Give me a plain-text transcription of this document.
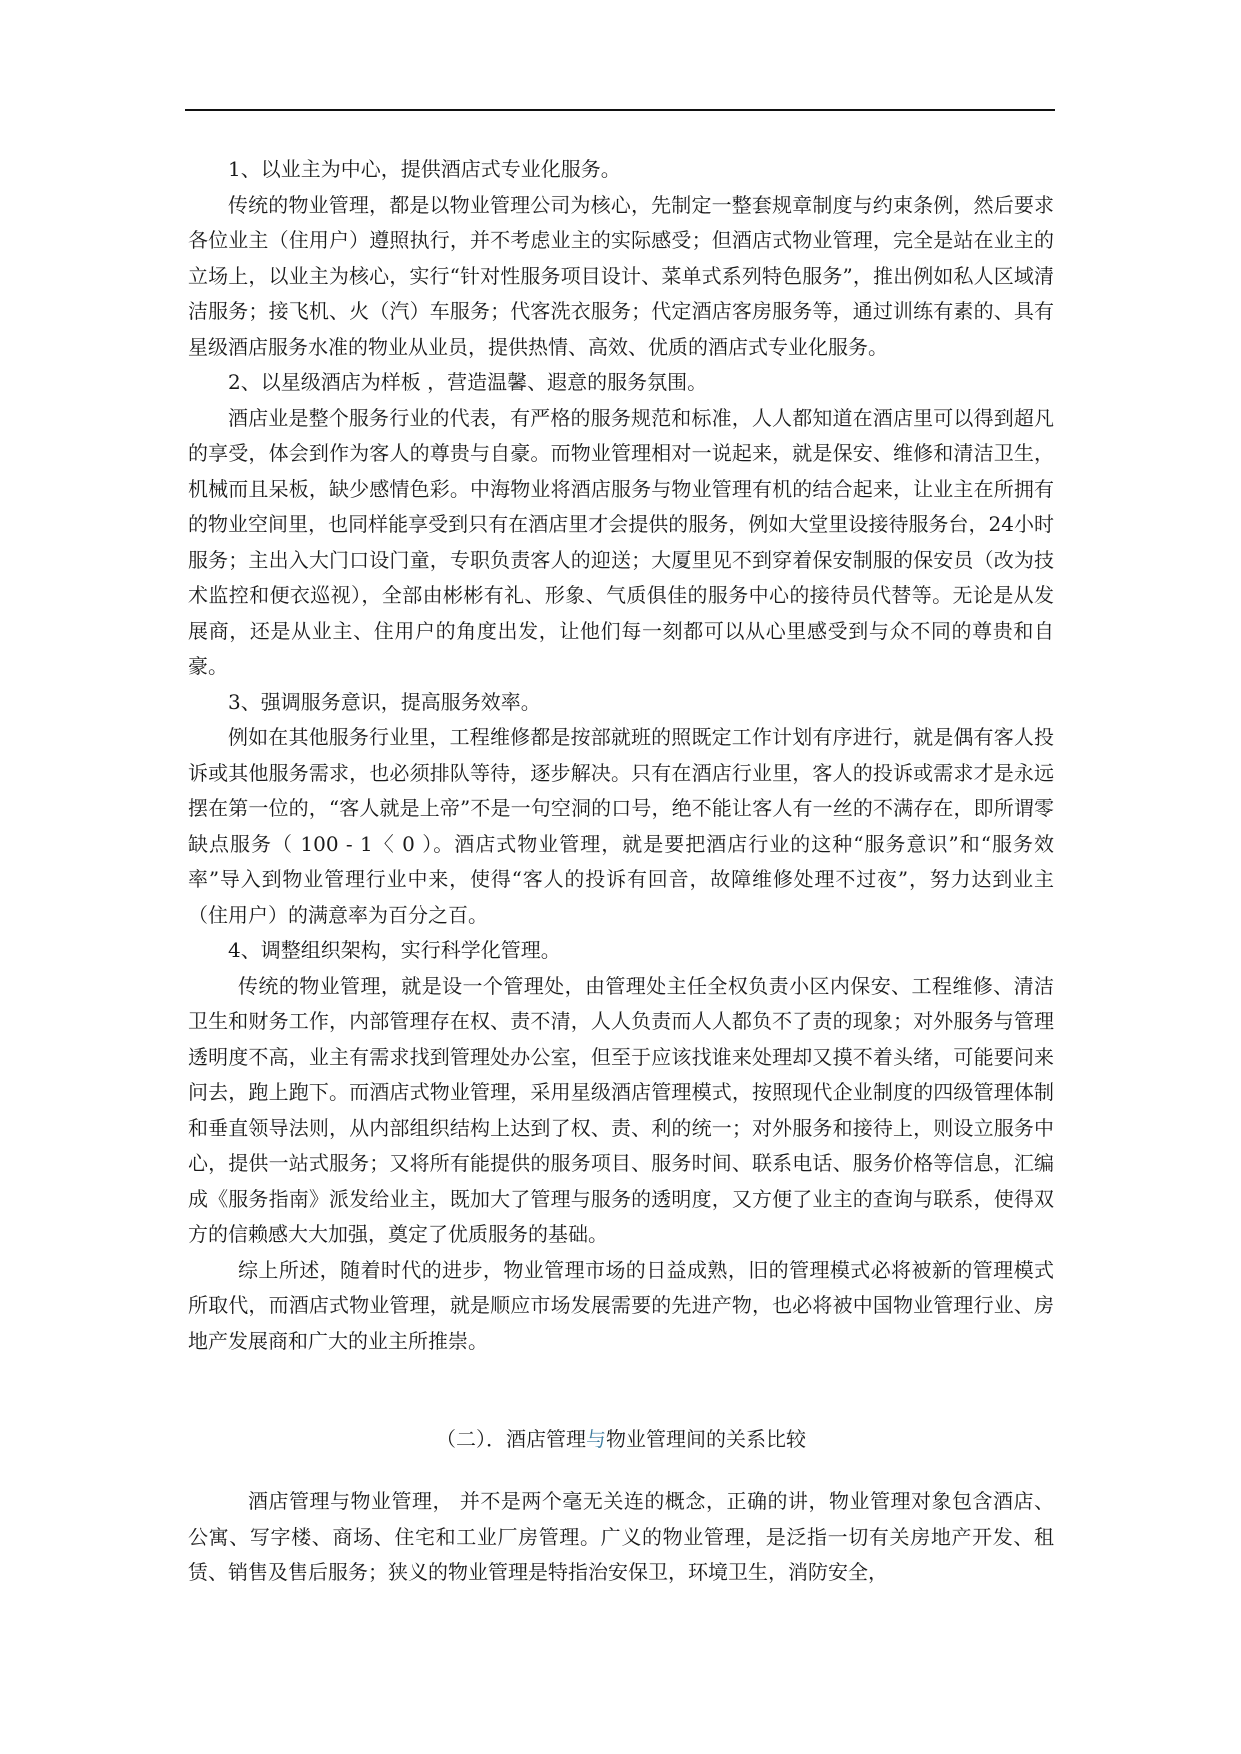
1、以业主为中心，提供酒店式专业化服务。

传统的物业管理，都是以物业管理公司为核心，先制定一整套规章制度与约束条例，然后要求各位业主（住用户）遵照执行，并不考虑业主的实际感受；但酒店式物业管理，完全是站在业主的立场上，以业主为核心，实行“针对性服务项目设计、菜单式系列特色服务”，推出例如私人区域清洁服务；接飞机、火（汽）车服务；代客洗衣服务；代定酒店客房服务等，通过训练有素的、具有星级酒店服务水准的物业从业员，提供热情、高效、优质的酒店式专业化服务。

2、以星级酒店为样板 ，营造温馨、遐意的服务氛围。

酒店业是整个服务行业的代表，有严格的服务规范和标准，人人都知道在酒店里可以得到超凡的享受，体会到作为客人的尊贵与自豪。而物业管理相对一说起来，就是保安、维修和清洁卫生，机械而且呆板，缺少感情色彩。中海物业将酒店服务与物业管理有机的结合起来，让业主在所拥有的物业空间里，也同样能享受到只有在酒店里才会提供的服务，例如大堂里设接待服务台，24小时服务；主出入大门口设门童，专职负责客人的迎送；大厦里见不到穿着保安制服的保安员（改为技术监控和便衣巡视），全部由彬彬有礼、形象、气质俱佳的服务中心的接待员代替等。无论是从发展商，还是从业主、住用户的角度出发，让他们每一刻都可以从心里感受到与众不同的尊贵和自豪。

3、强调服务意识，提高服务效率。

例如在其他服务行业里，工程维修都是按部就班的照既定工作计划有序进行，就是偶有客人投诉或其他服务需求，也必须排队等待，逐步解决。只有在酒店行业里，客人的投诉或需求才是永远摆在第一位的，“客人就是上帝”不是一句空洞的口号，绝不能让客人有一丝的不满存在，即所谓零缺点服务（ 100 - 1〈 0 ）。酒店式物业管理，就是要把酒店行业的这种“服务意识”和“服务效率”导入到物业管理行业中来，使得“客人的投诉有回音，故障维修处理不过夜”，努力达到业主（住用户）的满意率为百分之百。

4、调整组织架构，实行科学化管理。

传统的物业管理，就是设一个管理处，由管理处主任全权负责小区内保安、工程维修、清洁卫生和财务工作，内部管理存在权、责不清，人人负责而人人都负不了责的现象；对外服务与管理透明度不高，业主有需求找到管理处办公室，但至于应该找谁来处理却又摸不着头绪，可能要问来问去，跑上跑下。而酒店式物业管理，采用星级酒店管理模式，按照现代企业制度的四级管理体制和垂直领导法则，从内部组织结构上达到了权、责、利的统一；对外服务和接待上，则设立服务中心，提供一站式服务；又将所有能提供的服务项目、服务时间、联系电话、服务价格等信息，汇编成《服务指南》派发给业主，既加大了管理与服务的透明度，又方便了业主的查询与联系，使得双方的信赖感大大加强，奠定了优质服务的基础。

综上所述，随着时代的进步，物业管理市场的日益成熟，旧的管理模式必将被新的管理模式所取代，而酒店式物业管理，就是顺应市场发展需要的先进产物，也必将被中国物业管理行业、房地产发展商和广大的业主所推崇。

（二）．酒店管理与物业管理间的关系比较

酒店管理与物业管理， 并不是两个毫无关连的概念，正确的讲，物业管理对象包含酒店、公寓、写字楼、商场、住宅和工业厂房管理。广义的物业管理，是泛指一切有关房地产开发、租赁、销售及售后服务；狭义的物业管理是特指治安保卫，环境卫生，消防安全，
